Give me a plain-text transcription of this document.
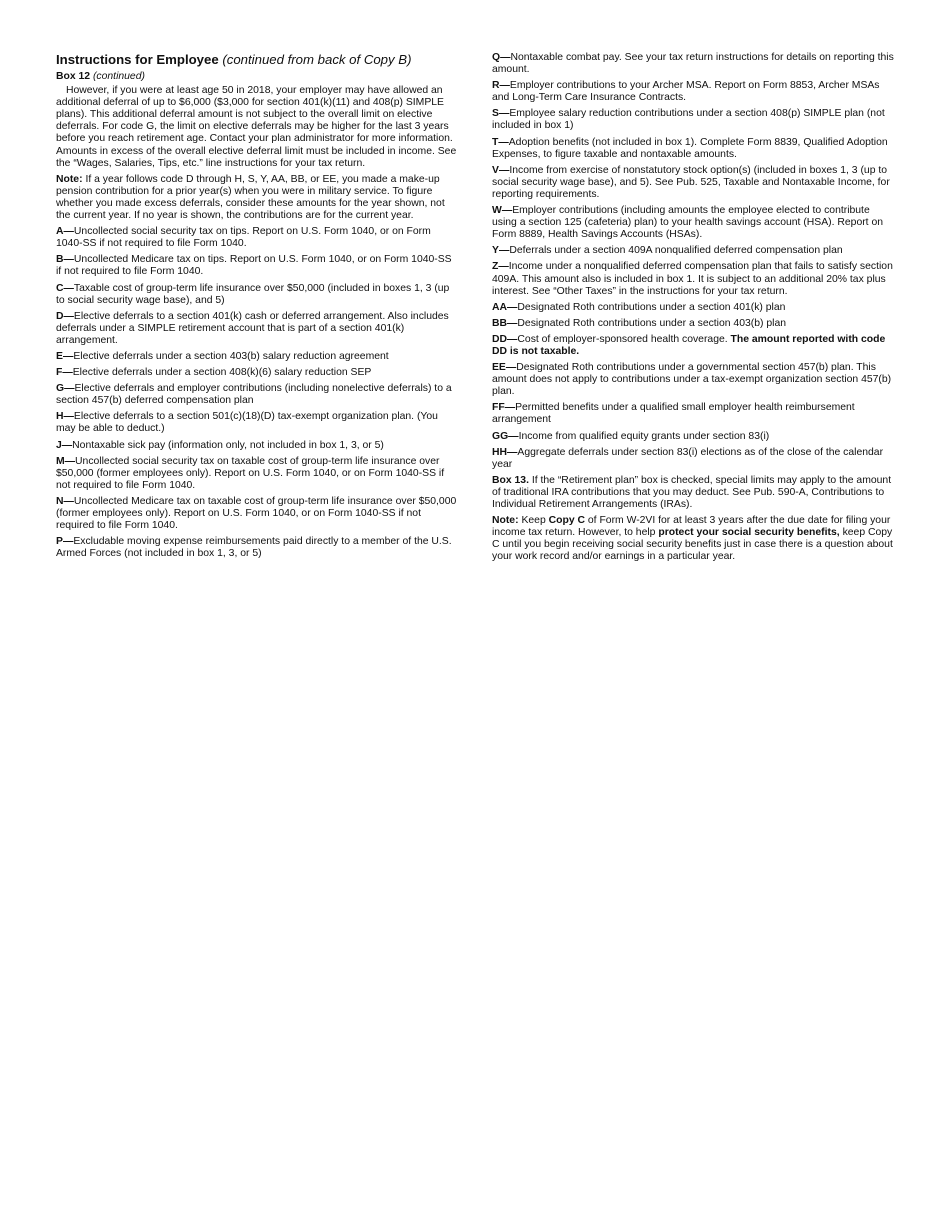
Instructions for Employee (continued from back of Copy B)
Box 12 (continued)

However, if you were at least age 50 in 2018, your employer may have allowed an additional deferral of up to $6,000 ($3,000 for section 401(k)(11) and 408(p) SIMPLE plans). This additional deferral amount is not subject to the overall limit on elective deferrals. For code G, the limit on elective deferrals may be higher for the last 3 years before you reach retirement age. Contact your plan administrator for more information. Amounts in excess of the overall elective deferral limit must be included in income. See the “Wages, Salaries, Tips, etc.” line instructions for your tax return.

Note: If a year follows code D through H, S, Y, AA, BB, or EE, you made a make-up pension contribution for a prior year(s) when you were in military service. To figure whether you made excess deferrals, consider these amounts for the year shown, not the current year. If no year is shown, the contributions are for the current year.

A—Uncollected social security tax on tips. Report on U.S. Form 1040, or on Form 1040-SS if not required to file Form 1040.

B—Uncollected Medicare tax on tips. Report on U.S. Form 1040, or on Form 1040-SS if not required to file Form 1040.

C—Taxable cost of group-term life insurance over $50,000 (included in boxes 1, 3 (up to social security wage base), and 5)

D—Elective deferrals to a section 401(k) cash or deferred arrangement. Also includes deferrals under a SIMPLE retirement account that is part of a section 401(k) arrangement.

E—Elective deferrals under a section 403(b) salary reduction agreement

F—Elective deferrals under a section 408(k)(6) salary reduction SEP

G—Elective deferrals and employer contributions (including nonelective deferrals) to a section 457(b) deferred compensation plan

H—Elective deferrals to a section 501(c)(18)(D) tax-exempt organization plan. (You may be able to deduct.)

J—Nontaxable sick pay (information only, not included in box 1, 3, or 5)

M—Uncollected social security tax on taxable cost of group-term life insurance over $50,000 (former employees only). Report on U.S. Form 1040, or on Form 1040-SS if not required to file Form 1040.

N—Uncollected Medicare tax on taxable cost of group-term life insurance over $50,000 (former employees only). Report on U.S. Form 1040, or on Form 1040-SS if not required to file Form 1040.

P—Excludable moving expense reimbursements paid directly to a member of the U.S. Armed Forces (not included in box 1, 3, or 5)

Q—Nontaxable combat pay. See your tax return instructions for details on reporting this amount.

R—Employer contributions to your Archer MSA. Report on Form 8853, Archer MSAs and Long-Term Care Insurance Contracts.

S—Employee salary reduction contributions under a section 408(p) SIMPLE plan (not included in box 1)

T—Adoption benefits (not included in box 1). Complete Form 8839, Qualified Adoption Expenses, to figure taxable and nontaxable amounts.

V—Income from exercise of nonstatutory stock option(s) (included in boxes 1, 3 (up to social security wage base), and 5). See Pub. 525, Taxable and Nontaxable Income, for reporting requirements.

W—Employer contributions (including amounts the employee elected to contribute using a section 125 (cafeteria) plan) to your health savings account (HSA). Report on Form 8889, Health Savings Accounts (HSAs).

Y—Deferrals under a section 409A nonqualified deferred compensation plan

Z—Income under a nonqualified deferred compensation plan that fails to satisfy section 409A. This amount also is included in box 1. It is subject to an additional 20% tax plus interest. See “Other Taxes” in the instructions for your tax return.

AA—Designated Roth contributions under a section 401(k) plan

BB—Designated Roth contributions under a section 403(b) plan

DD—Cost of employer-sponsored health coverage. The amount reported with code DD is not taxable.

EE—Designated Roth contributions under a governmental section 457(b) plan. This amount does not apply to contributions under a tax-exempt organization section 457(b) plan.

FF—Permitted benefits under a qualified small employer health reimbursement arrangement

GG—Income from qualified equity grants under section 83(i)

HH—Aggregate deferrals under section 83(i) elections as of the close of the calendar year

Box 13. If the “Retirement plan” box is checked, special limits may apply to the amount of traditional IRA contributions that you may deduct. See Pub. 590-A, Contributions to Individual Retirement Arrangements (IRAs).

Note: Keep Copy C of Form W-2VI for at least 3 years after the due date for filing your income tax return. However, to help protect your social security benefits, keep Copy C until you begin receiving social security benefits just in case there is a question about your work record and/or earnings in a particular year.
